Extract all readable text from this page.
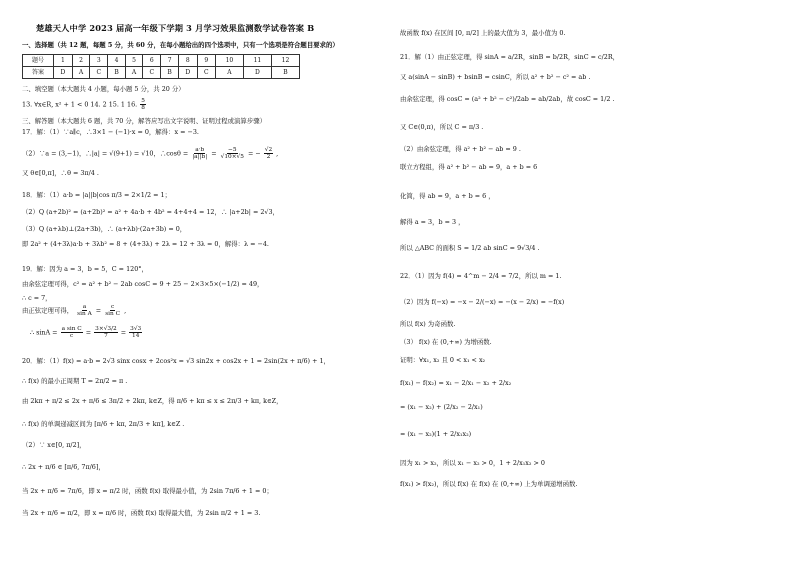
楚雄天人中学 2023 届高一年级下学期 3 月学习效果监测数学试卷答案 B
一、选择题（共 12 题，每题 5 分，共 60 分，在每小题给出的四个选项中，只有一个选项是符合题目要求的）
题号	1	2	3	4	5	6	7	8	9	10	11	12
答案	D	A	C	B	A	C	B	D	C	A	D	B
二、填空题（本大题共 4 小题，每小题 5 分，共 20 分）
13. ∀x∈R, x² + 1 < 0 14. 2 15. 1 16. $\frac{5}{8}$
三、解答题（本大题共 6 题，共 70 分，解答应写出文字说明、证明过程或演算步骤）
17．解：（1）∵a∥c，∴3×1 − (−1)·x = 0，解得：x = −3.
（2）∵a = (3,−1)，∴|a| = √(9+1) = √10，∴cosθ = $\frac{a\cdot b}{|a||b|} = \frac{-5}{√10\times√5}$ = − $\frac{√2}{2}$ ,
又 θ∈[0,π]，∴θ = 3π/4 .
18．解：（1）a·b = |a||b|cos π/3 = 2×1/2 = 1；
（2）Q (a+2b)² = (a+2b)² = a² + 4a·b + 4b² = 4+4+4 = 12，∴ |a+2b| = 2√3，
（3）Q (a+λb)⊥(2a+3b)，∴ (a+λb)·(2a+3b) = 0，
即 2a² + (4+3λ)a·b + 3λb² = 8 + (4+3λ) + 2λ = 12 + 3λ = 0，解得：λ = −4.
19．解：因为 a = 3，b = 5，C = 120°，
由余弦定理可得，c² = a² + b² − 2ab cosC = 9 + 25 − 2×3×5×(−1/2) = 49，
∴ c = 7，
由正弦定理可得， $\frac{a}{\text{sin A}} = \frac{c}{\text{sin C}}$ ,
∴ $\sin A = \frac{\text{a sin C}}{c} = \frac{3\times√3/2}{7} = \frac{3√3}{14}$
20．解：（1）f(x) = a·b = 2√3 sinx cosx + 2cos²x = √3 sin2x + cos2x + 1 = 2sin(2x + π/6) + 1，
∴ f(x) 的最小正周期 T = 2π/2 = π .
由 2kπ + π/2 ≤ 2x + π/6 ≤ 3π/2 + 2kπ, k∈Z，得 π/6 + kπ ≤ x ≤ 2π/3 + kπ, k∈Z，
∴ f(x) 的单调递减区间为 [π/6 + kπ, 2π/3 + kπ], k∈Z .
（2）∵ x∈[0, π/2]，
∴ 2x + π/6 ∈ [π/6, 7π/6]，
当 2x + π/6 = 7π/6，即 x = π/2 时，函数 f(x) 取得最小值，为 2sin 7π/6 + 1 = 0；
当 2x + π/6 = π/2，即 x = π/6 时，函数 f(x) 取得最大值，为 2sin π/2 + 1 = 3.
故函数 f(x) 在区间 [0, π/2] 上的最大值为 3，最小值为 0.
21．解（1）由正弦定理，得 sinA = a/2R，sinB = b/2R，sinC = c/2R，
又 a(sinA − sinB) + bsinB = csinC，所以 a² + b² − c² = ab .
由余弦定理，得 cosC = (a² + b² − c²)/2ab = ab/2ab，故 cosC = 1/2 .
又 C∈(0,π)，所以 C = π/3 .
（2）由余弦定理，得 a² + b² − ab = 9 .
联立方程组，得 a² + b² − ab = 9，a + b = 6
化简，得 ab = 9，a + b = 6 ，
解得 a = 3，b = 3 ，
所以 △ABC 的面积 S = 1/2 ab sinC = 9√3/4 .
22．（1）因为 f(4) = 4^m − 2/4 = 7/2，所以 m = 1.
（2）因为 f(−x) = −x − 2/(−x) = −(x − 2/x) = −f(x)
所以 f(x) 为奇函数.
（3） f(x) 在 (0,+∞) 为增函数.
证明：∀x₁, x₂ 且 0 < x₁ < x₂
f(x₁) − f(x₂) = x₁ − 2/x₁ − x₂ + 2/x₂
= (x₁ − x₂) + (2/x₂ − 2/x₁)
= (x₁ − x₂)(1 + 2/x₁x₂)
因为 x₁ > x₂，所以 x₁ − x₂ > 0，1 + 2/x₁x₂ > 0
f(x₁) > f(x₂)，所以 f(x) 在 f(x) 在 (0,+∞) 上为单调递增函数.
